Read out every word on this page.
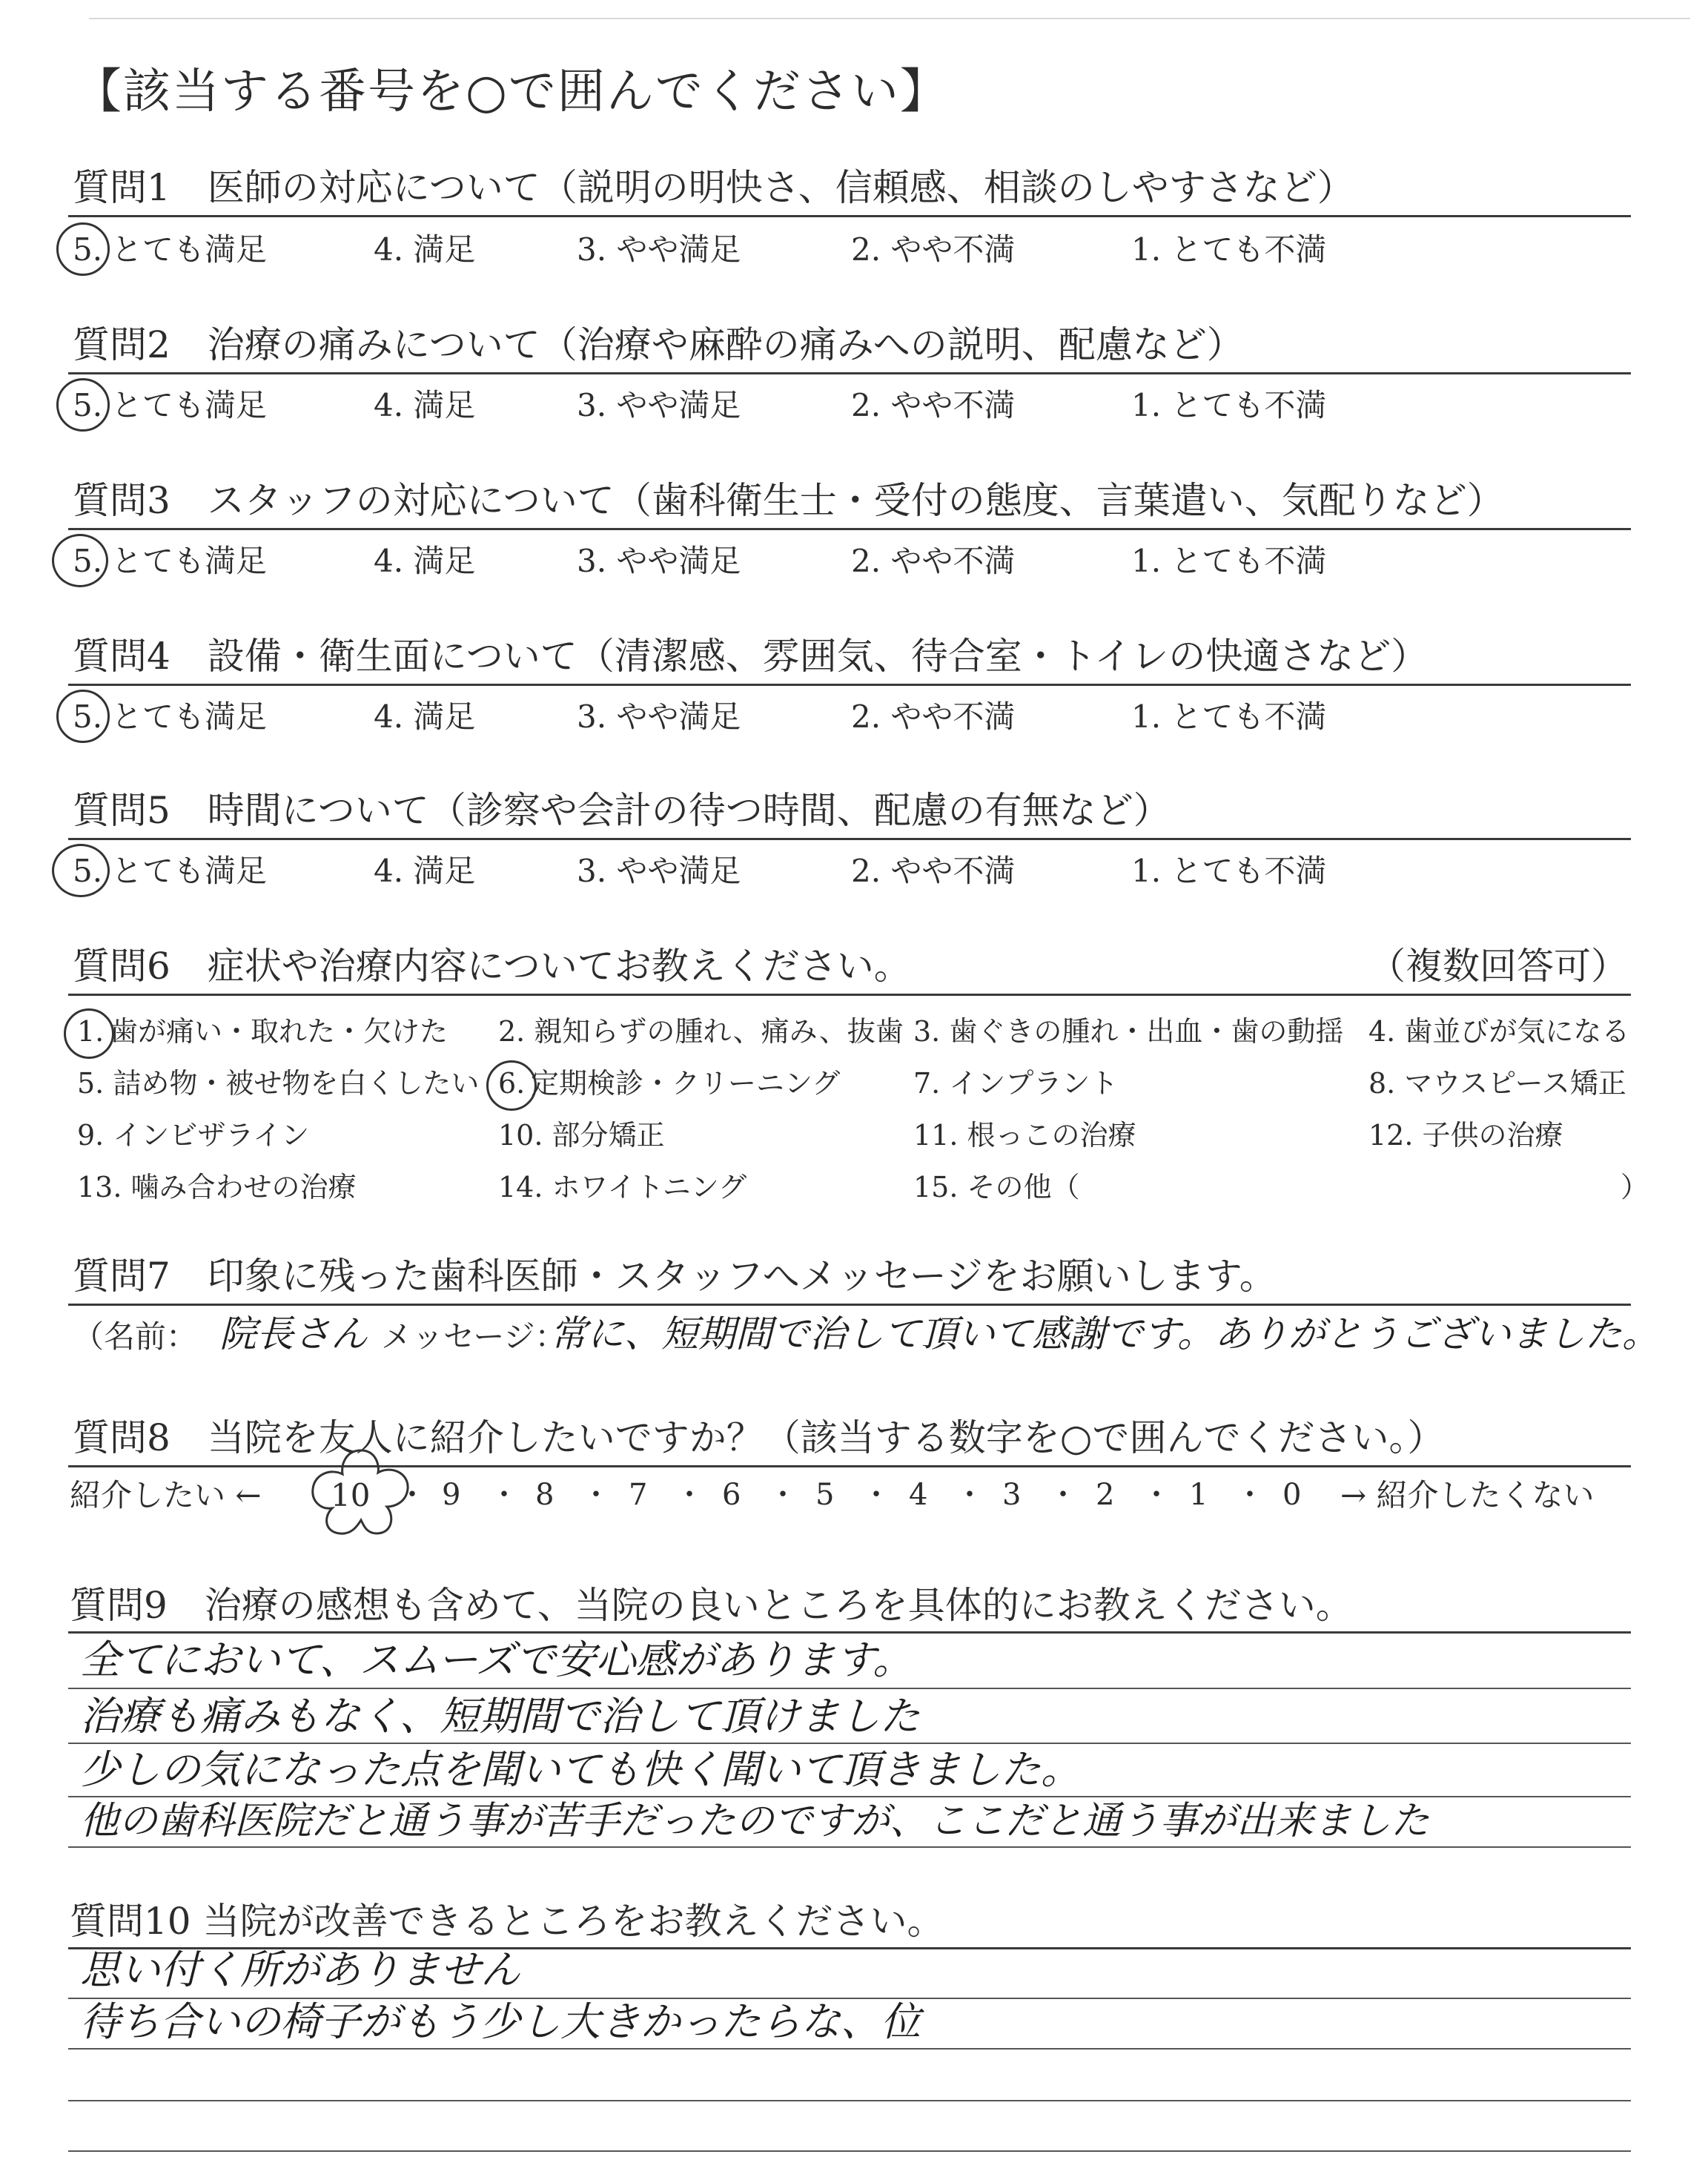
【該当する番号を○で囲んでください】
質問1　医師の対応について（説明の明快さ、信頼感、相談のしやすさなど）
5. とても満足	4. 満足	3. やや満足	2. やや不満	1. とても不満
質問2　治療の痛みについて（治療や麻酔の痛みへの説明、配慮など）
5. とても満足	4. 満足	3. やや満足	2. やや不満	1. とても不満
質問3　スタッフの対応について（歯科衛生士・受付の態度、言葉遣い、気配りなど）
5. とても満足	4. 満足	3. やや満足	2. やや不満	1. とても不満
質問4　設備・衛生面について（清潔感、雰囲気、待合室・トイレの快適さなど）
5. とても満足	4. 満足	3. やや満足	2. やや不満	1. とても不満
質問5　時間について（診察や会計の待つ時間、配慮の有無など）
5. とても満足	4. 満足	3. やや満足	2. やや不満	1. とても不満
質問6　症状や治療内容についてお教えください。	（複数回答可）
1. 歯が痛い・取れた・欠けた 2. 親知らずの腫れ、痛み、抜歯 3. 歯ぐきの腫れ・出血・歯の動揺 4. 歯並びが気になる
5. 詰め物・被せ物を白くしたい 6. 定期検診・クリーニング	7. インプラント	8. マウスピース矯正
9. インビザライン	10. 部分矯正	11. 根っこの治療	12. 子供の治療
13. 噛み合わせの治療	14. ホワイトニング	15. その他（	）
質問7　印象に残った歯科医師・スタッフへメッセージをお願いします。
（名前： 院長さん メッセージ：
常に、短期間で治して頂いて感謝です。ありがとうございました。
質問8　当院を友人に紹介したいですか？（該当する数字を○で囲んでください。）
紹介したい ← 10 ・ 9 ・ 8 ・ 7 ・ 6 ・ 5 ・ 4 ・ 3 ・ 2 ・ 1 ・ 0 → 紹介したくない
質問9　治療の感想も含めて、当院の良いところを具体的にお教えください。
全てにおいて、スムーズで安心感があります。
治療も痛みもなく、短期間で治して頂けました
少しの気になった点を聞いても快く聞いて頂きました。
他の歯科医院だと通う事が苦手だったのですが、ここだと通う事が出来ました
質問10 当院が改善できるところをお教えください。
思い付く所がありません
待ち合いの椅子がもう少し大きかったらな、位
